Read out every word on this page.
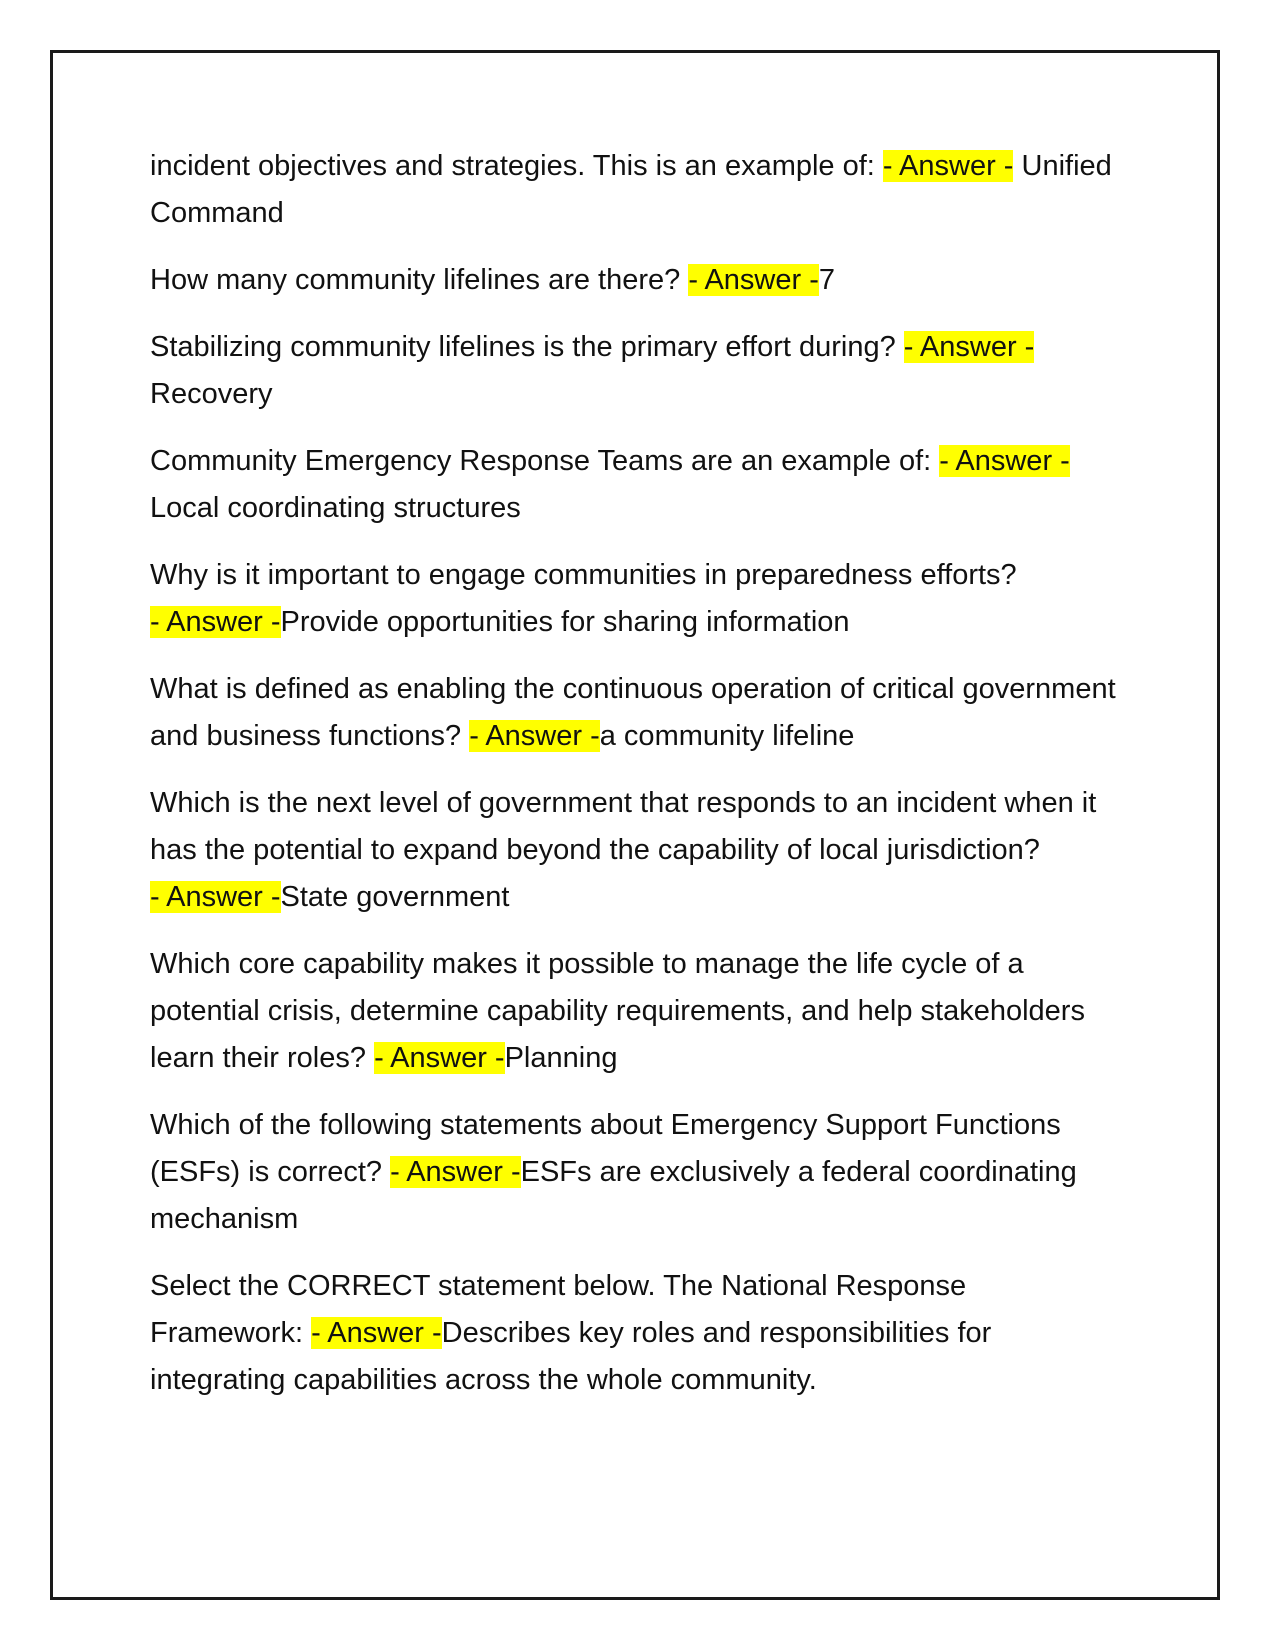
incident objectives and strategies. This is an example of: - Answer - Unified Command

How many community lifelines are there? - Answer -7

Stabilizing community lifelines is the primary effort during? - Answer - Recovery

Community Emergency Response Teams are an example of: - Answer - Local coordinating structures

Why is it important to engage communities in preparedness efforts? - Answer -Provide opportunities for sharing information

What is defined as enabling the continuous operation of critical government and business functions? - Answer -a community lifeline

Which is the next level of government that responds to an incident when it has the potential to expand beyond the capability of local jurisdiction? - Answer -State government

Which core capability makes it possible to manage the life cycle of a potential crisis, determine capability requirements, and help stakeholders learn their roles? - Answer -Planning

Which of the following statements about Emergency Support Functions (ESFs) is correct? - Answer -ESFs are exclusively a federal coordinating mechanism

Select the CORRECT statement below. The National Response Framework: - Answer -Describes key roles and responsibilities for integrating capabilities across the whole community.
